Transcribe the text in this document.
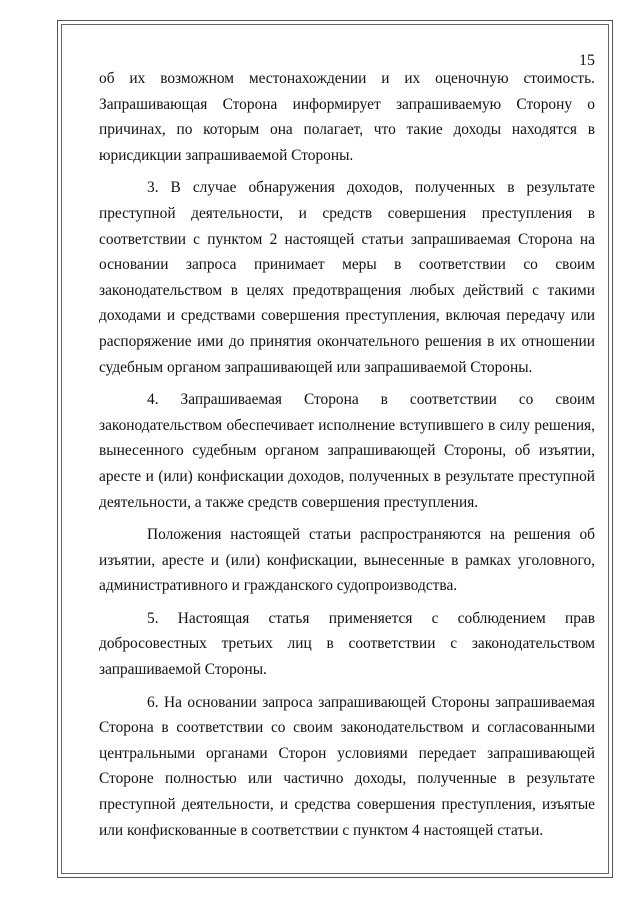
15
об их возможном местонахождении и их оценочную стоимость.
Запрашивающая Сторона информирует запрашиваемую Сторону о
причинах, по которым она полагает, что такие доходы находятся в
юрисдикции запрашиваемой Стороны.
3. В случае обнаружения доходов, полученных в результате
преступной деятельности, и средств совершения преступления в
соответствии с пунктом 2 настоящей статьи запрашиваемая Сторона на
основании запроса принимает меры в соответствии со своим
законодательством в целях предотвращения любых действий с такими
доходами и средствами совершения преступления, включая передачу или
распоряжение ими до принятия окончательного решения в их отношении
судебным органом запрашивающей или запрашиваемой Стороны.
4. Запрашиваемая Сторона в соответствии со своим
законодательством обеспечивает исполнение вступившего в силу решения,
вынесенного судебным органом запрашивающей Стороны, об изъятии,
аресте и (или) конфискации доходов, полученных в результате преступной
деятельности, а также средств совершения преступления.
Положения настоящей статьи распространяются на решения об
изъятии, аресте и (или) конфискации, вынесенные в рамках уголовного,
административного и гражданского судопроизводства.
5. Настоящая статья применяется с соблюдением прав
добросовестных третьих лиц в соответствии с законодательством
запрашиваемой Стороны.
6. На основании запроса запрашивающей Стороны запрашиваемая
Сторона в соответствии со своим законодательством и согласованными
центральными органами Сторон условиями передает запрашивающей
Стороне полностью или частично доходы, полученные в результате
преступной деятельности, и средства совершения преступления, изъятые
или конфискованные в соответствии с пунктом 4 настоящей статьи.
